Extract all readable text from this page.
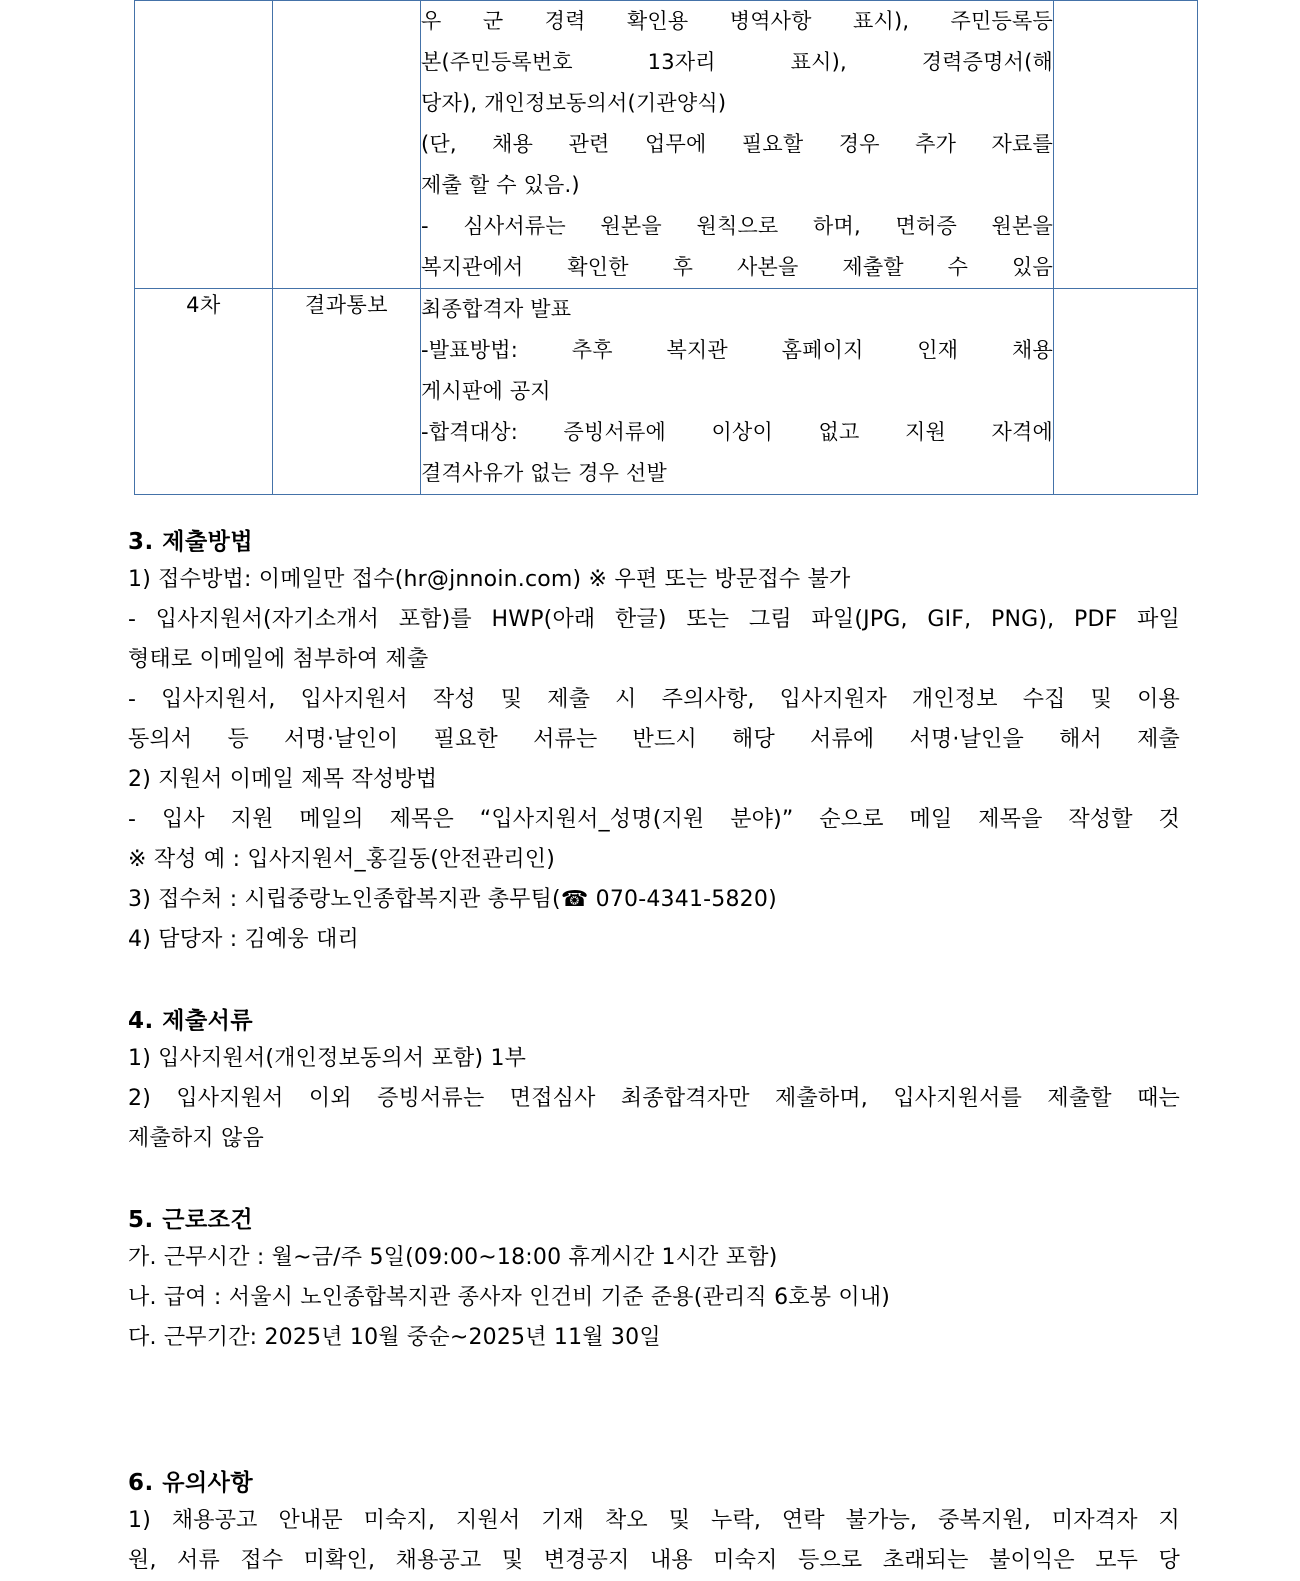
우 군 경력 확인용 병역사항 표시), 주민등록등

본(주민등록번호 13자리 표시), 경력증명서(해

당자), 개인정보동의서(기관양식)

(단, 채용 관련 업무에 필요할 경우 추가 자료를

제출 할 수 있음.)

- 심사서류는 원본을 원칙으로 하며, 면허증 원본을

복지관에서 확인한 후 사본을 제출할 수 있음

4차	결과통보	최종합격자 발표

-발표방법: 추후 복지관 홈페이지 인재 채용

게시판에 공지

-합격대상: 증빙서류에 이상이 없고 지원 자격에

결격사유가 없는 경우 선발	

3. 제출방법

1) 접수방법: 이메일만 접수(hr@jnnoin.com) ※ 우편 또는 방문접수 불가

- 입사지원서(자기소개서 포함)를 HWP(아래 한글) 또는 그림 파일(JPG, GIF, PNG), PDF 파일

형태로 이메일에 첨부하여 제출

- 입사지원서, 입사지원서 작성 및 제출 시 주의사항, 입사지원자 개인정보 수집 및 이용

동의서 등 서명·날인이 필요한 서류는 반드시 해당 서류에 서명·날인을 해서 제출

2) 지원서 이메일 제목 작성방법

- 입사 지원 메일의 제목은 “입사지원서_성명(지원 분야)” 순으로 메일 제목을 작성할 것

※ 작성 예 : 입사지원서_홍길동(안전관리인)

3) 접수처 : 시립중랑노인종합복지관 총무팀(☎ 070-4341-5820)

4) 담당자 : 김예웅 대리

4. 제출서류

1) 입사지원서(개인정보동의서 포함) 1부

2) 입사지원서 이외 증빙서류는 면접심사 최종합격자만 제출하며, 입사지원서를 제출할 때는

제출하지 않음

5. 근로조건

가. 근무시간 : 월~금/주 5일(09:00~18:00 휴게시간 1시간 포함)

나. 급여 : 서울시 노인종합복지관 종사자 인건비 기준 준용(관리직 6호봉 이내)

다. 근무기간: 2025년 10월 중순~2025년 11월 30일

6. 유의사항

1) 채용공고 안내문 미숙지, 지원서 기재 착오 및 누락, 연락 불가능, 중복지원, 미자격자 지

원, 서류 접수 미확인, 채용공고 및 변경공지 내용 미숙지 등으로 초래되는 불이익은 모두 당
